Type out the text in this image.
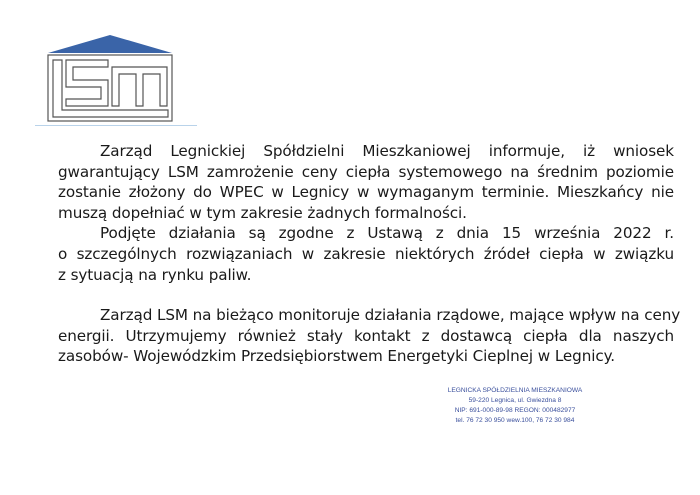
Zarząd Legnickiej Spółdzielni Mieszkaniowej informuje, iż wniosek
gwarantujący LSM zamrożenie ceny ciepła systemowego na średnim poziomie
zostanie złożony do WPEC w Legnicy w wymaganym terminie. Mieszkańcy nie
muszą dopełniać w tym zakresie żadnych formalności.
Podjęte działania są zgodne z Ustawą z dnia 15 września 2022 r.
o szczególnych rozwiązaniach w zakresie niektórych źródeł ciepła w związku
z sytuacją na rynku paliw.
Zarząd LSM na bieżąco monitoruje działania rządowe, mające wpływ na ceny
energii. Utrzymujemy również stały kontakt z dostawcą ciepła dla naszych
zasobów- Wojewódzkim Przedsiębiorstwem Energetyki Cieplnej w Legnicy.
LEGNICKA SPÓŁDZIELNIA MIESZKANIOWA
59-220 Legnica, ul. Gwiezdna 8
NIP: 691-000-89-98 REGON: 000482977
tel. 76 72 30 950 wew.100, 76 72 30 984
